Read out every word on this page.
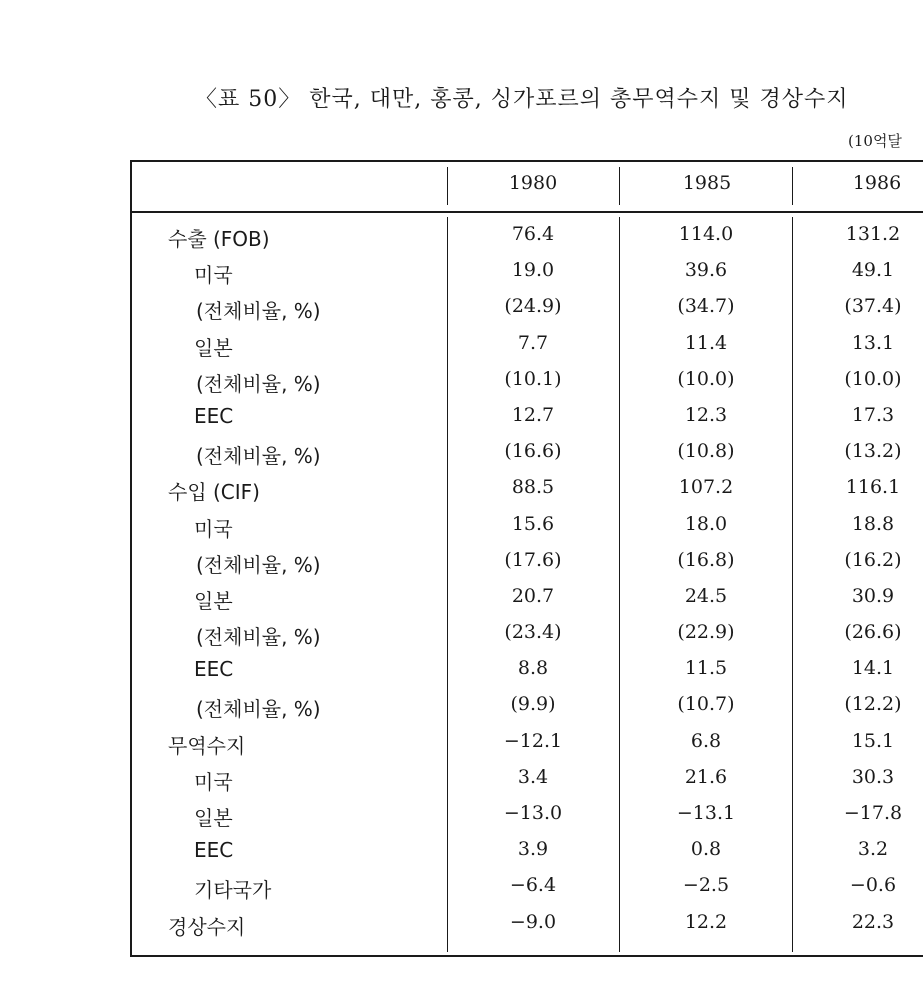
〈표 50〉 한국, 대만, 홍콩, 싱가포르의 총무역수지 및 경상수지
(10억달
1980	1985	1986
수출 (FOB)	76.4	114.0	131.2
미국	19.0	39.6	49.1
(전체비율, %)	(24.9)	(34.7)	(37.4)
일본	7.7	11.4	13.1
(전체비율, %)	(10.1)	(10.0)	(10.0)
EEC	12.7	12.3	17.3
(전체비율, %)	(16.6)	(10.8)	(13.2)
수입 (CIF)	88.5	107.2	116.1
미국	15.6	18.0	18.8
(전체비율, %)	(17.6)	(16.8)	(16.2)
일본	20.7	24.5	30.9
(전체비율, %)	(23.4)	(22.9)	(26.6)
EEC	8.8	11.5	14.1
(전체비율, %)	(9.9)	(10.7)	(12.2)
무역수지	−12.1	6.8	15.1
미국	3.4	21.6	30.3
일본	−13.0	−13.1	−17.8
EEC	3.9	0.8	3.2
기타국가	−6.4	−2.5	−0.6
경상수지	−9.0	12.2	22.3
